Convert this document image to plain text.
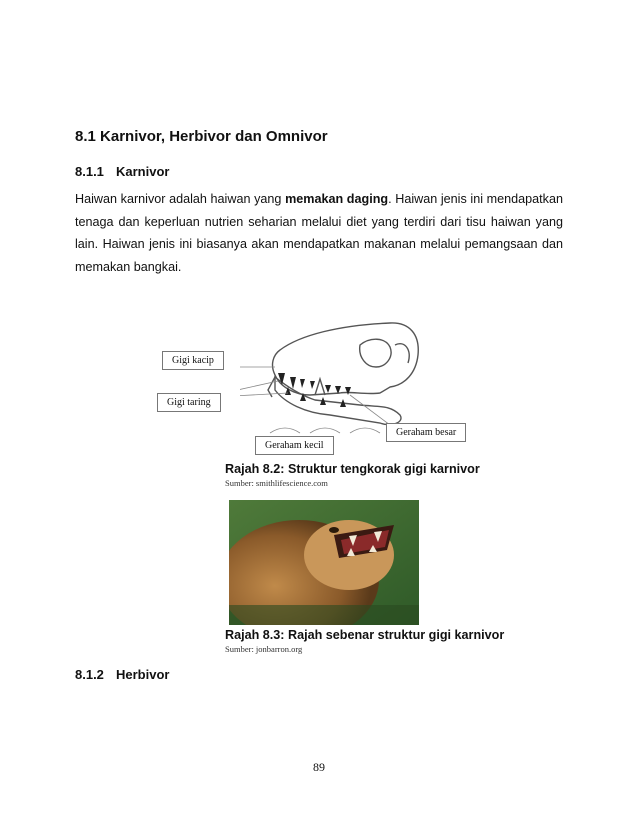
8.1 Karnivor, Herbivor dan Omnivor
8.1.1 Karnivor

Haiwan karnivor adalah haiwan yang memakan daging. Haiwan jenis ini mendapatkan tenaga dan keperluan nutrien seharian melalui diet yang terdiri dari tisu haiwan yang lain. Haiwan jenis ini biasanya akan mendapatkan makanan melalui pemangsaan dan memakan bangkai.

Gigi kacip
Gigi taring
Geraham besar
Geraham kecil

Rajah 8.2: Struktur tengkorak gigi karnivor

Sumber: smithlifescience.com

Rajah 8.3: Rajah sebenar struktur gigi karnivor

Sumber: jonbarron.org
8.1.2 Herbivor
89
